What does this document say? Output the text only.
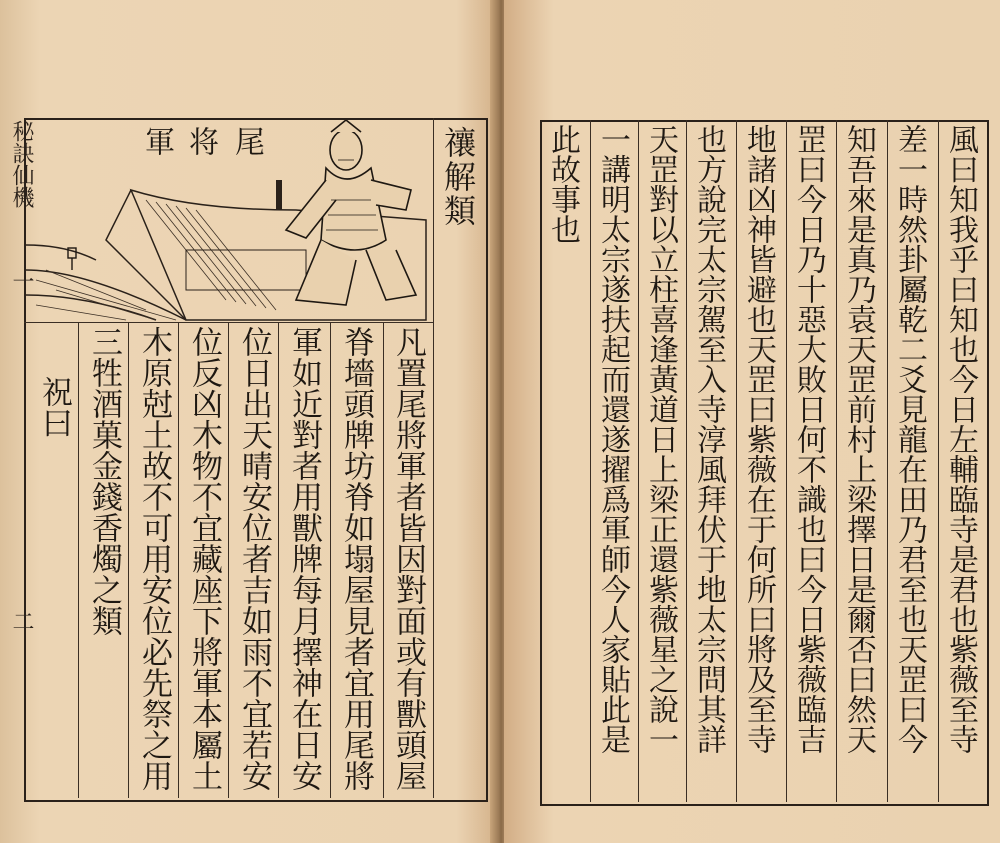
秘訣仙機
一
二
尾
将
軍	禳解類
凡置尾將軍者皆因對面或有獸頭屋
脊墻頭牌坊脊如塌屋見者宜用尾將
軍如近對者用獸牌每月擇神在日安
位日出天晴安位者吉如雨不宜若安
位反凶木物不宜藏座下將軍本屬土
木原尅土故不可用安位必先祭之用
三牲酒菓金錢香燭之類
祝曰	風曰知我乎曰知也今日左輔臨寺是君也紫薇至寺
差一時然卦屬乾二爻見龍在田乃君至也天罡曰今
知吾來是真乃袁天罡前村上梁擇日是爾否曰然天
罡曰今日乃十惡大敗日何不識也曰今日紫薇臨吉
地諸凶神皆避也天罡曰紫薇在于何所曰將及至寺
也方說完太宗駕至入寺淳風拜伏于地太宗問其詳
天罡對以立柱喜逢黃道日上梁正還紫薇星之說一
一講明太宗遂扶起而還遂擢爲軍師今人家貼此是
此故事也
